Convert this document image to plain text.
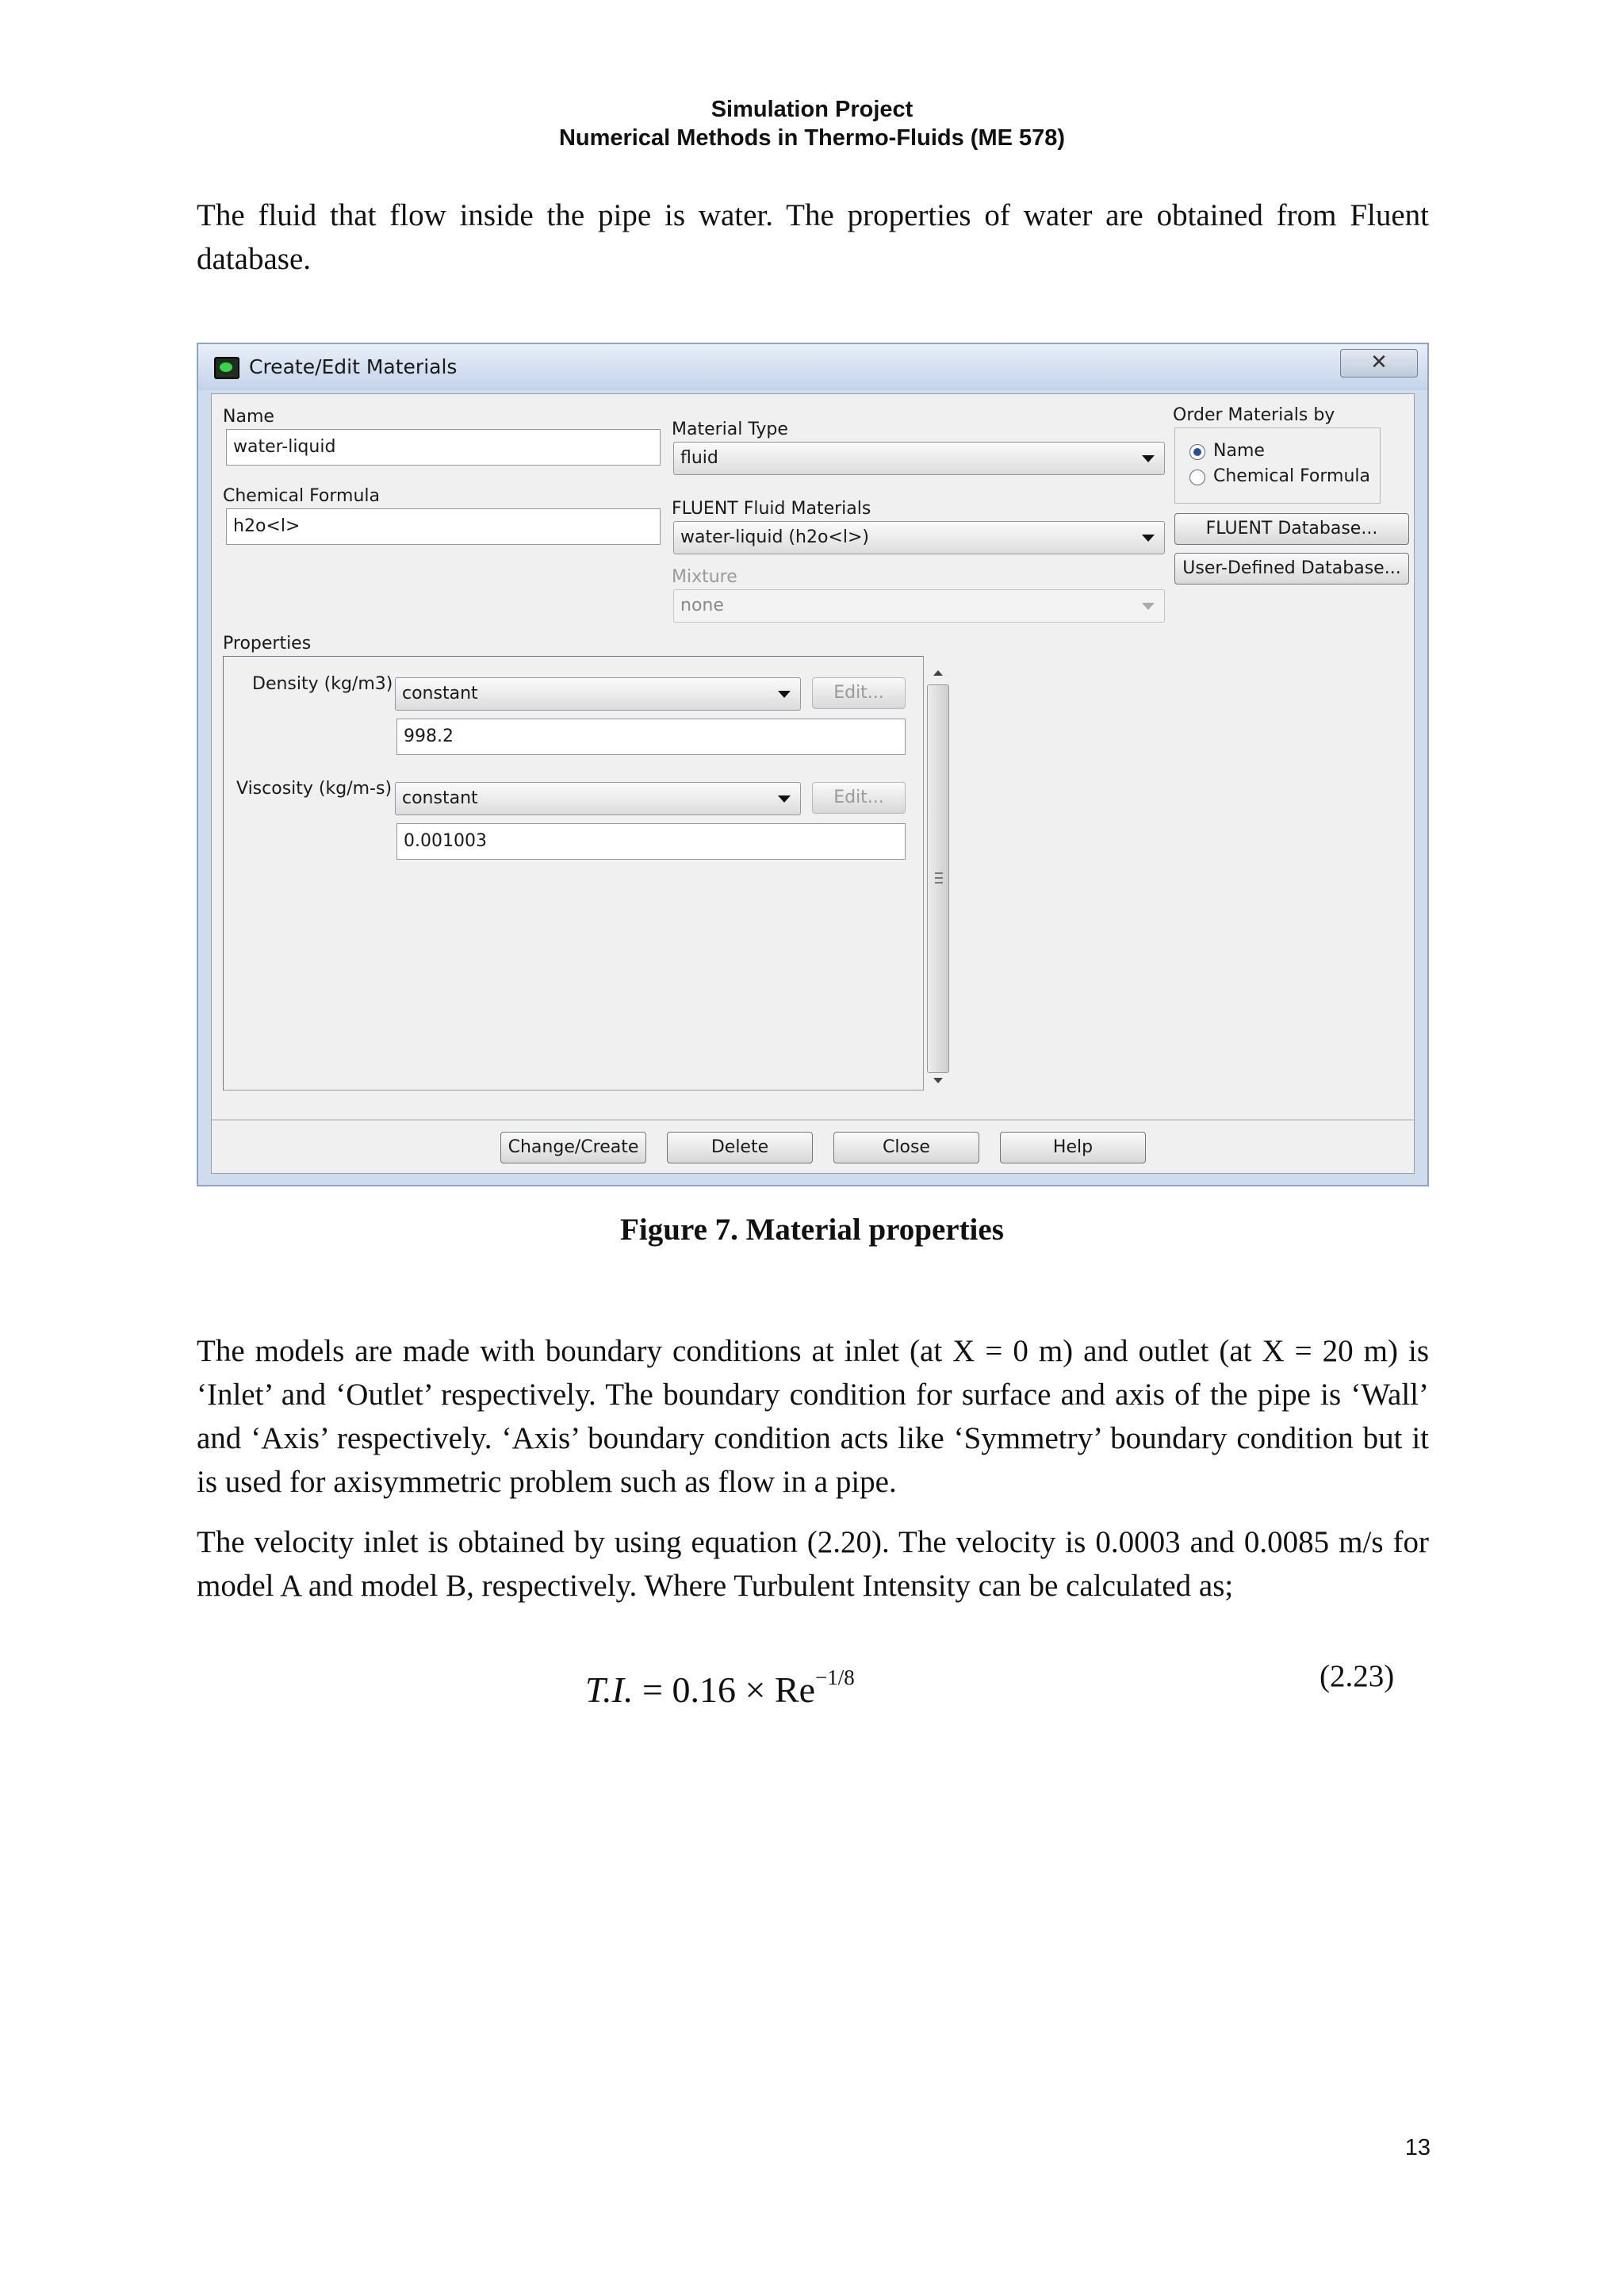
Simulation Project
Numerical Methods in Thermo-Fluids (ME 578)
The fluid that flow inside the pipe is water. The properties of water are obtained from Fluent database.
Create/Edit Materials	✕
Name
water-liquid
Chemical Formula
h2o<l>
Material Type
fluid
FLUENT Fluid Materials
water-liquid (h2o<l>)
Mixture
none
Order Materials by
Name
Chemical Formula
FLUENT Database...
User-Defined Database...
Properties
Density (kg/m3) constant	Edit...
998.2
Viscosity (kg/m-s) constant	Edit...
0.001003
Change/Create	Delete	Close	Help
Figure 7. Material properties
The models are made with boundary conditions at inlet (at X = 0 m) and outlet (at X = 20 m) is ‘Inlet’ and ‘Outlet’ respectively. The boundary condition for surface and axis of the pipe is ‘Wall’ and ‘Axis’ respectively. ‘Axis’ boundary condition acts like ‘Symmetry’ boundary condition but it is used for axisymmetric problem such as flow in a pipe.
The velocity inlet is obtained by using equation (2.20). The velocity is 0.0003 and 0.0085 m/s for model A and model B, respectively. Where Turbulent Intensity can be calculated as;
T.I. = $0.16 \times Re^{-1/8}$	(2.23)
13
